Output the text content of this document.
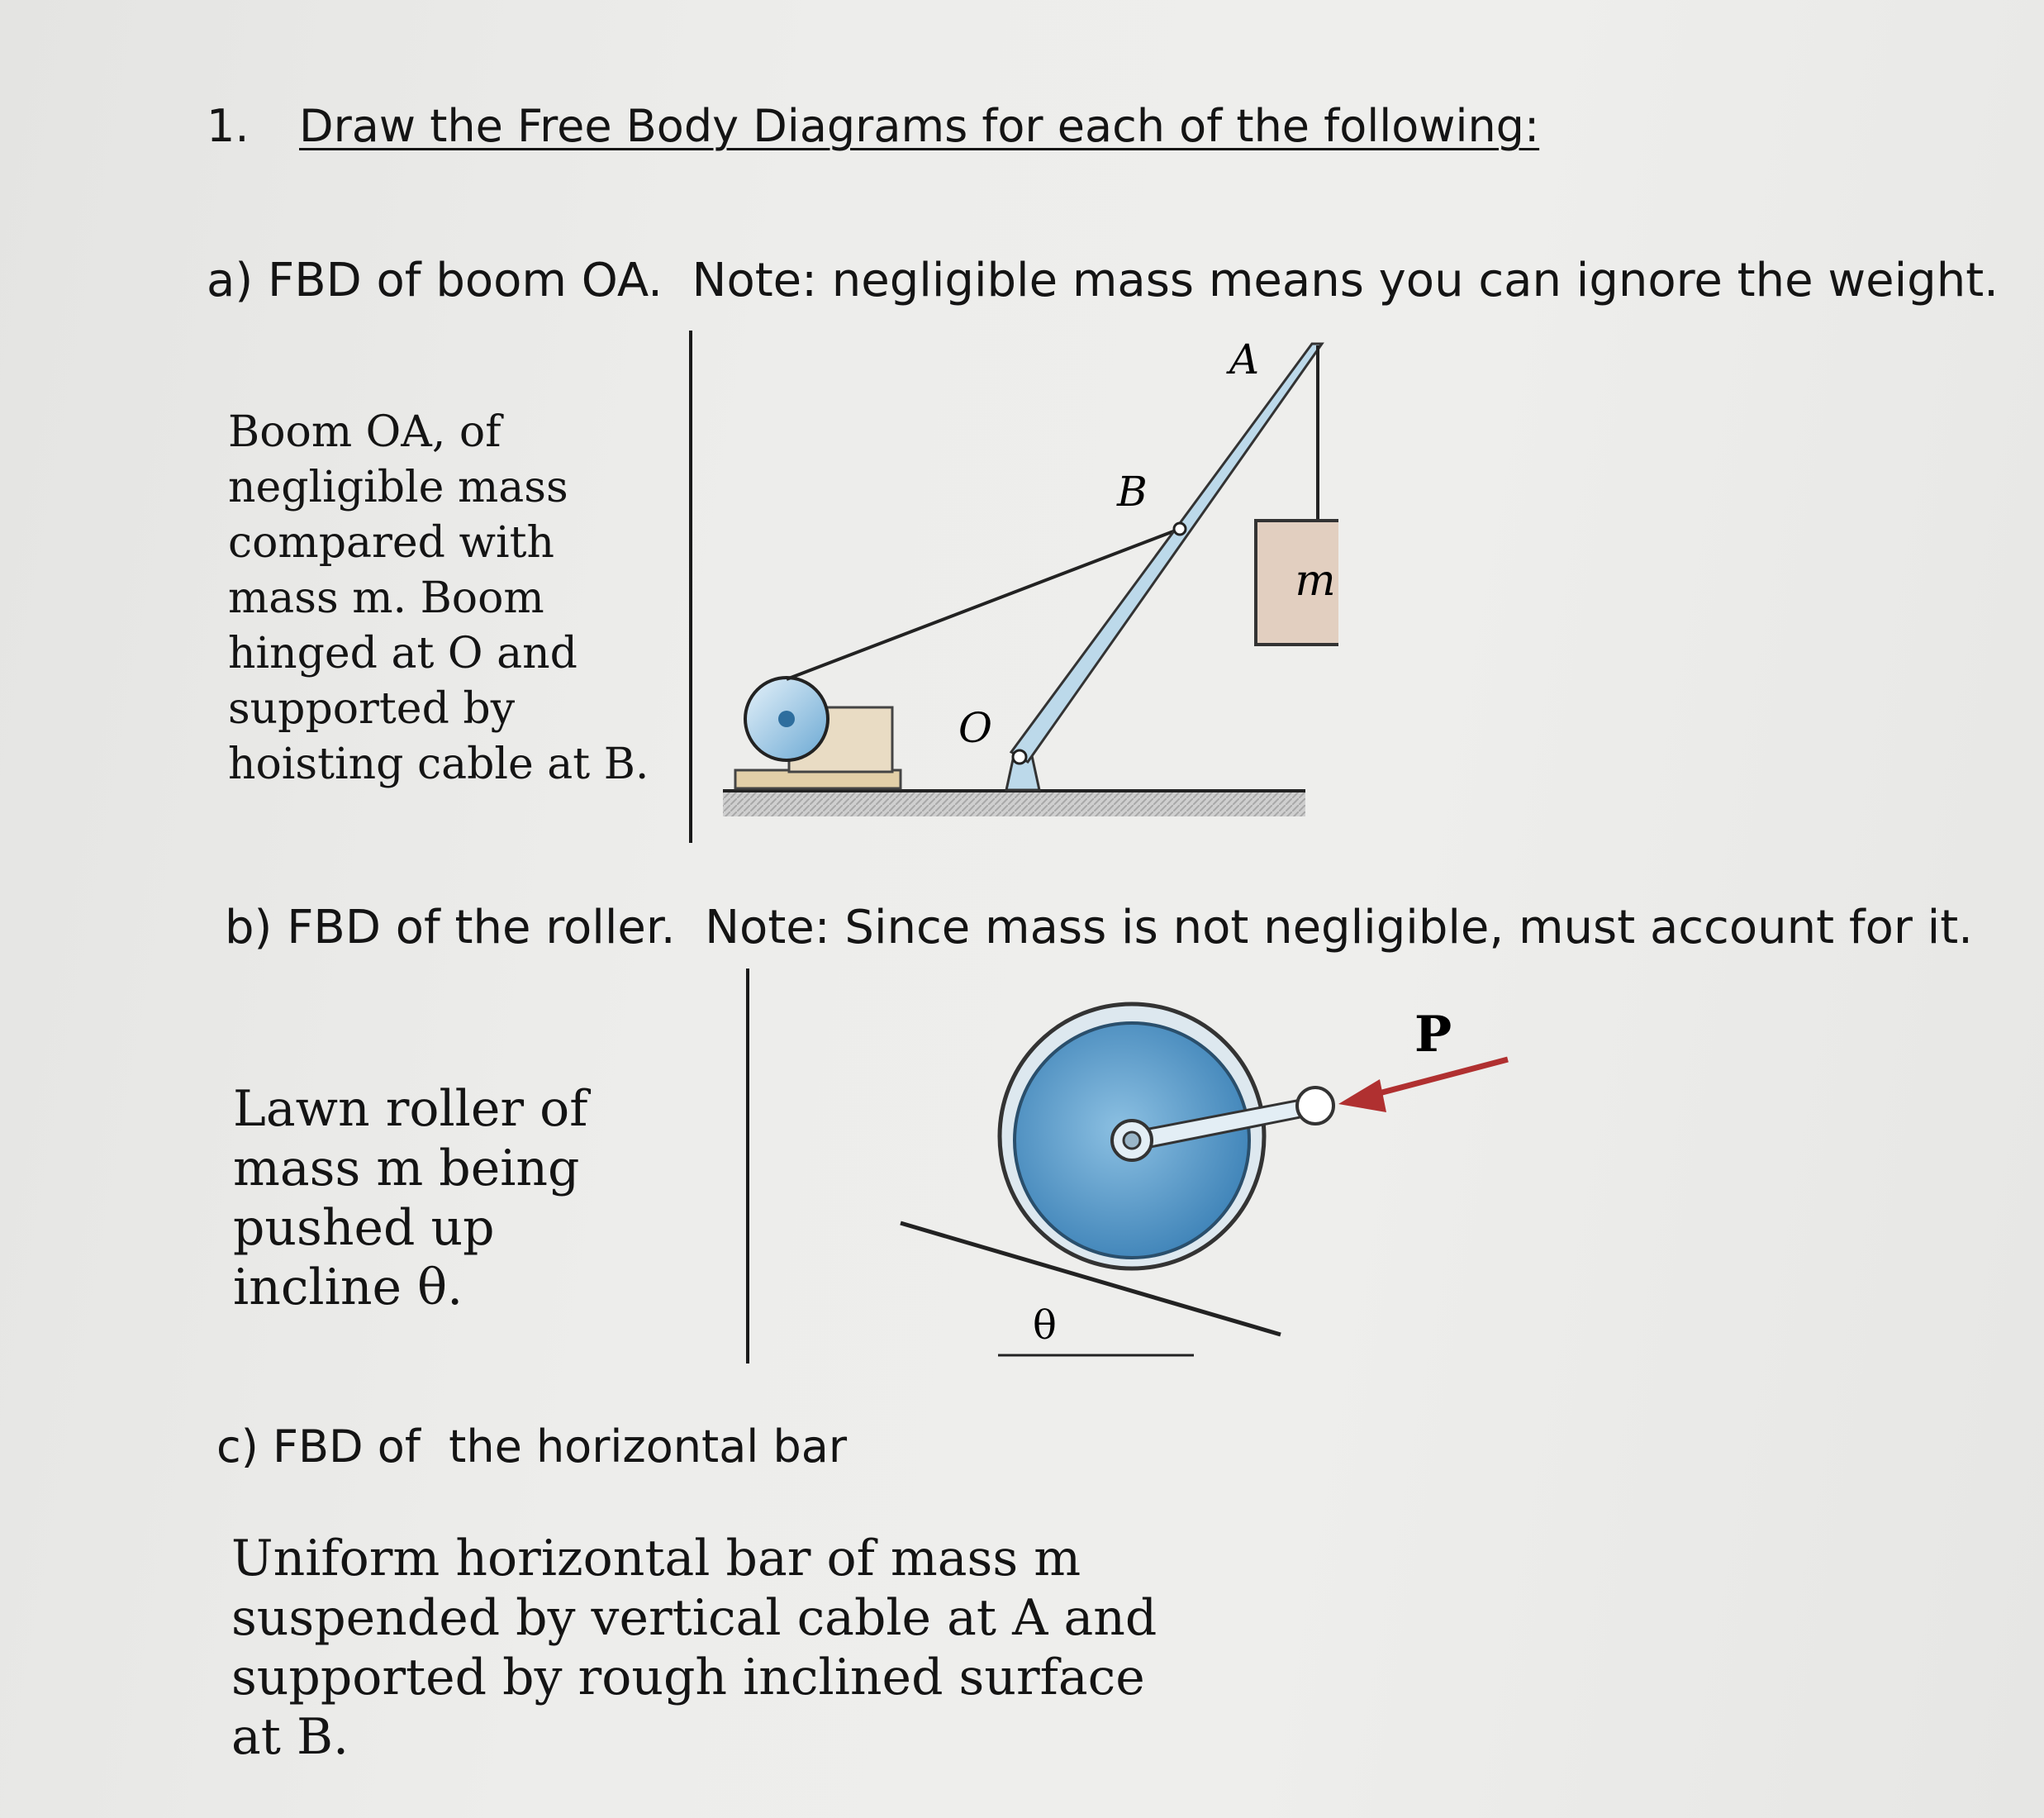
1. Draw the Free Body Diagrams for each of the following:
a) FBD of boom OA.  Note: negligible mass means you can ignore the weight.
Boom OA, of
negligible mass
compared with
mass m. Boom
hinged at O and
supported by
hoisting cable at B.
m
A
B
O
b) FBD of the roller.  Note: Since mass is not negligible, must account for it.
Lawn roller of
mass m being
pushed up
incline θ.
θ
P
c) FBD of  the horizontal bar
Uniform horizontal bar of mass m
suspended by vertical cable at A and
supported by rough inclined surface
at B.
